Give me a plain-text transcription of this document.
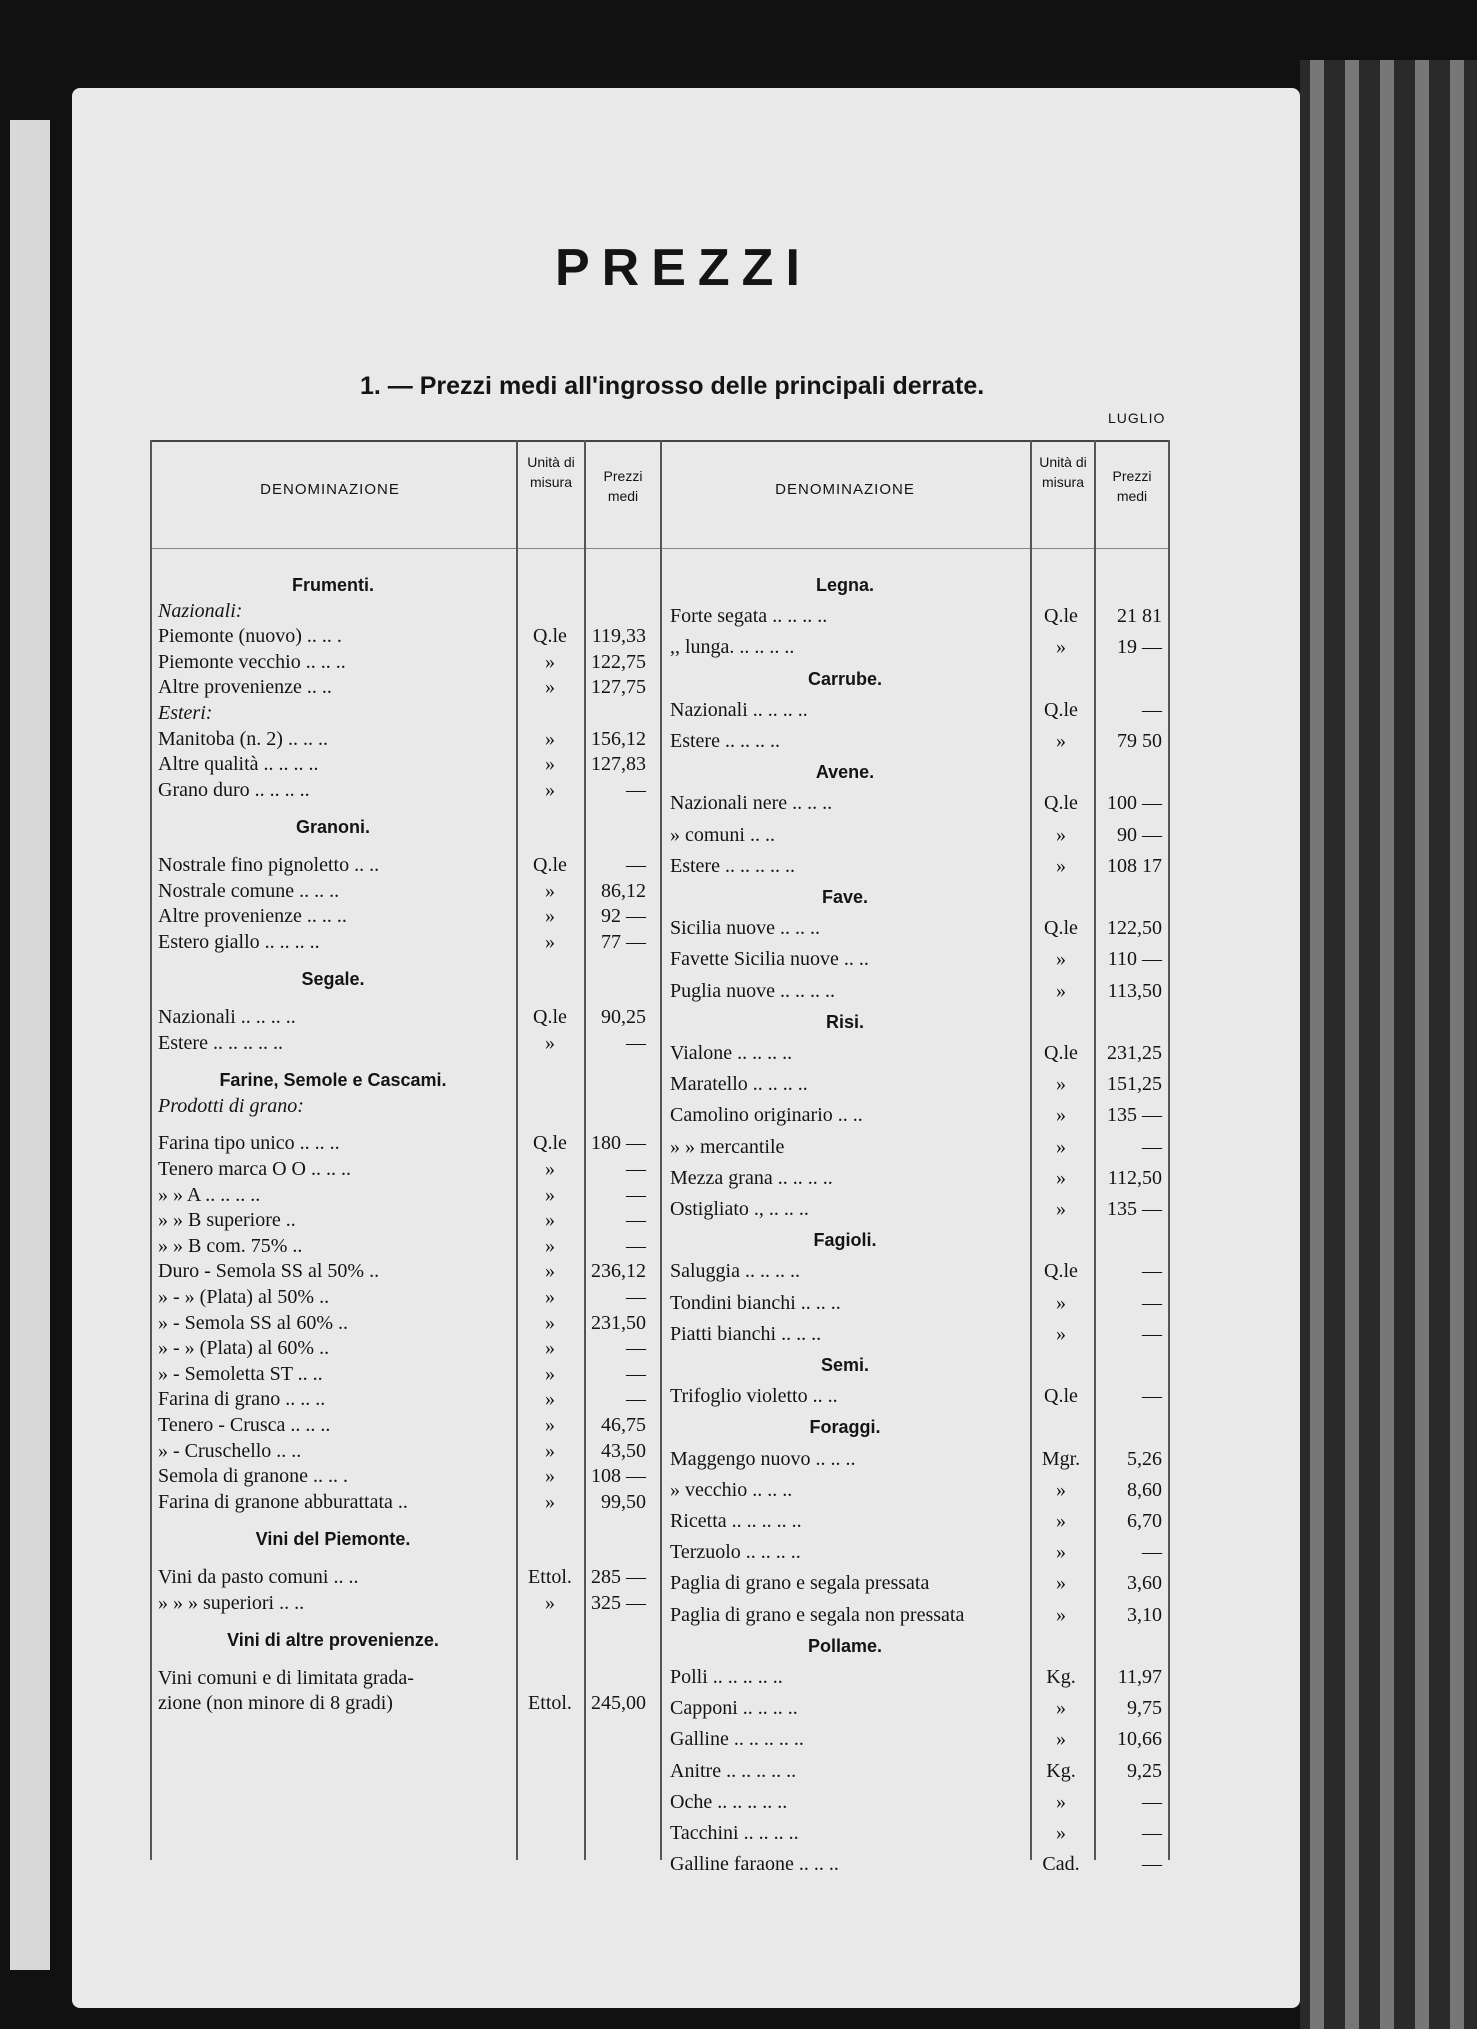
PREZZI
1. — Prezzi medi all'ingrosso delle principali derrate.
LUGLIO
DENOMINAZIONE
Unità di misura	Prezzi medi	DENOMINAZIONE
Unità di misura	Prezzi medi
Frumenti.
Nazionali:
Piemonte (nuovo) .. .. .	Q.le	119,33
Piemonte vecchio .. .. ..	»	122,75
Altre provenienze .. ..	»	127,75
Esteri:
Manitoba (n. 2) .. .. ..	»	156,12
Altre qualità .. .. .. ..	»	127,83
Grano duro .. .. .. ..	»	—
Granoni.
Nostrale fino pignoletto .. ..	Q.le	—
Nostrale comune .. .. ..	»	86,12
Altre provenienze .. .. ..	»	92 —
Estero giallo .. .. .. ..	»	77 —
Segale.
Nazionali .. .. .. ..	Q.le	90,25
Estere .. .. .. .. ..	»	—
Farine, Semole e Cascami.
Prodotti di grano:
Farina tipo unico .. .. ..	Q.le	180 —
Tenero marca O O .. .. ..	»	—
» » A .. .. .. ..	»	—
» » B superiore ..	»	—
» » B com. 75% ..	»	—
Duro - Semola SS al 50% ..	»	236,12
» - » (Plata) al 50% ..	»	—
» - Semola SS al 60% ..	»	231,50
» - » (Plata) al 60% ..	»	—
» - Semoletta ST .. ..	»	—
Farina di grano .. .. ..	»	—
Tenero - Crusca .. .. ..	»	46,75
» - Cruschello .. ..	»	43,50
Semola di granone .. .. .	»	108 —
Farina di granone abburattata ..	»	99,50
Vini del Piemonte.
Vini da pasto comuni .. ..	Ettol. 285 —
» » » superiori .. ..	»	325 —
Vini di altre provenienze.
Vini comuni e di limitata grada-
zione (non minore di 8 gradi)	Ettol. 245,00
Legna.
Forte segata .. .. .. ..	Q.le	21 81
,, lunga. .. .. .. ..	»	19 —
Carrube.
Nazionali .. .. .. ..	Q.le	—
Estere .. .. .. ..	»	79 50
Avene.
Nazionali nere .. .. ..	Q.le	100 —
» comuni .. ..	»	90 —
Estere .. .. .. .. ..	»	108 17
Fave.
Sicilia nuove .. .. ..	Q.le	122,50
Favette Sicilia nuove .. ..	»	110 —
Puglia nuove .. .. .. ..	»	113,50
Risi.
Vialone .. .. .. ..	Q.le	231,25
Maratello .. .. .. ..	»	151,25
Camolino originario .. ..	»	135 —
» » mercantile	»	—
Mezza grana .. .. .. ..	»	112,50
Ostigliato ., .. .. ..	»	135 —
Fagioli.
Saluggia .. .. .. ..	Q.le	—
Tondini bianchi .. .. ..	»	—
Piatti bianchi .. .. ..	»	—
Semi.
Trifoglio violetto .. ..	Q.le	—
Foraggi.
Maggengo nuovo .. .. ..	Mgr.	5,26
» vecchio .. .. ..	»	8,60
Ricetta .. .. .. .. ..	»	6,70
Terzuolo .. .. .. ..	»	—
Paglia di grano e segala pressata	»	3,60
Paglia di grano e segala non pressata	»	3,10
Pollame.
Polli .. .. .. .. ..	Kg.	11,97
Capponi .. .. .. ..	»	9,75
Galline .. .. .. .. ..	»	10,66
Anitre .. .. .. .. ..	Kg.	9,25
Oche .. .. .. .. ..	»	—
Tacchini .. .. .. ..	»	—
Galline faraone .. .. ..	Cad.	—
